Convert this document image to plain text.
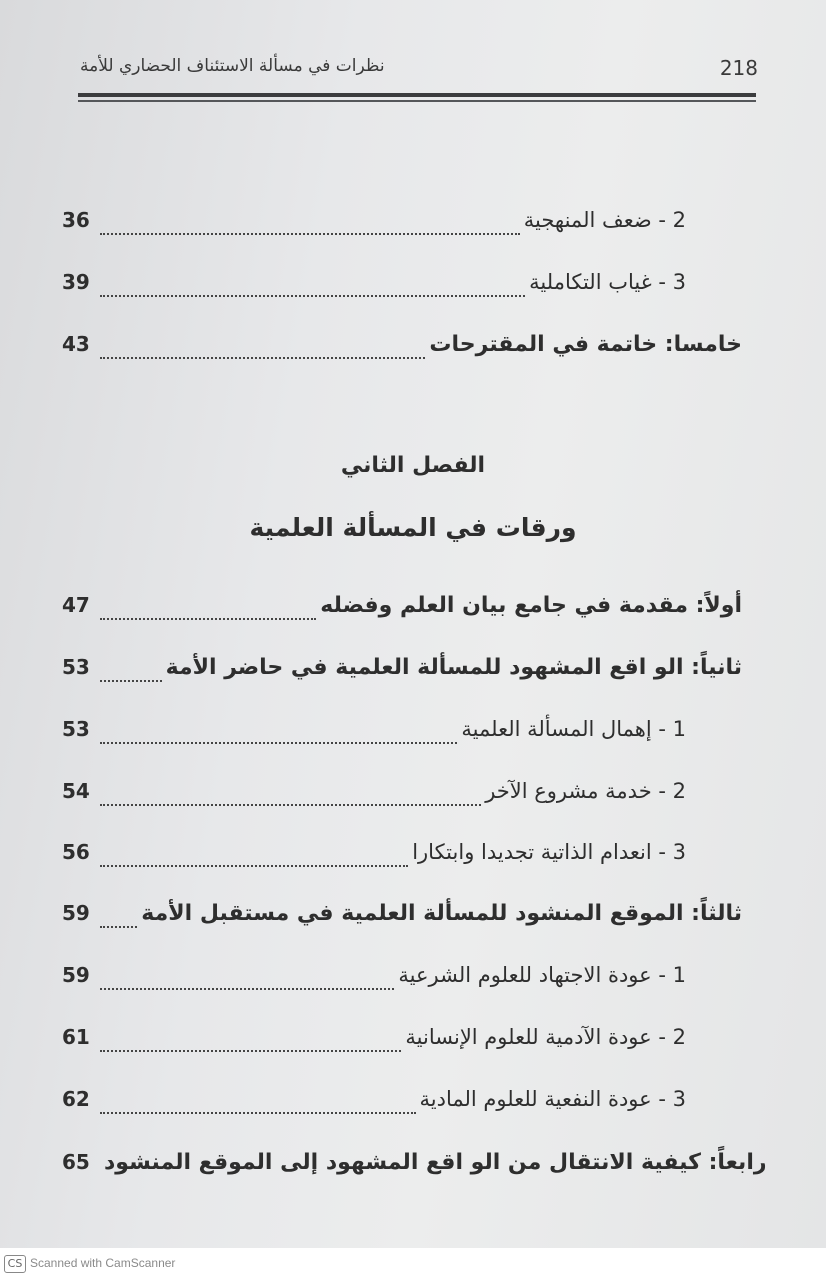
218
نظرات في مسألة الاستئناف الحضاري للأمة
36	2 - ضعف المنهجية
39	3 - غياب التكاملية
43	خامسا: خاتمة في المقترحات
الفصل الثاني
ورقات في المسألة العلمية
47	أولاً: مقدمة في جامع بيان العلم وفضله
53	ثانياً: الو اقع المشهود للمسألة العلمية في حاضر الأمة
53	1 - إهمال المسألة العلمية
54	2 - خدمة مشروع الآخر
56	3 - انعدام الذاتية تجديدا وابتكارا
59	ثالثاً: الموقع المنشود للمسألة العلمية في مستقبل الأمة
59	1 - عودة الاجتهاد للعلوم الشرعية
61	2 - عودة الآدمية للعلوم الإنسانية
62	3 - عودة النفعية للعلوم المادية
65 رابعاً: كيفية الانتقال من الو اقع المشهود إلى الموقع المنشود
CS Scanned with CamScanner
